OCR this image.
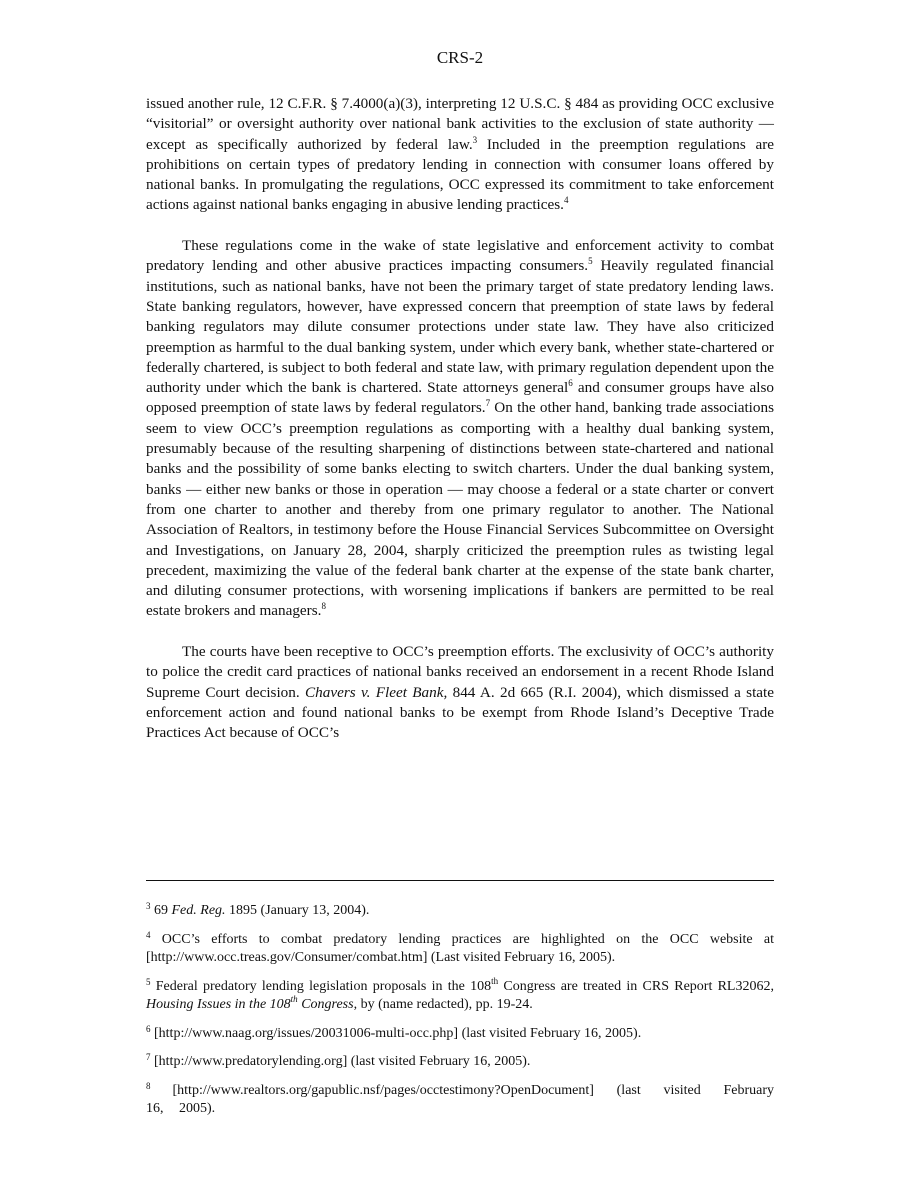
CRS-2

issued another rule, 12 C.F.R. § 7.4000(a)(3), interpreting 12 U.S.C. § 484 as providing OCC exclusive “visitorial” or oversight authority over national bank activities to the exclusion of state authority — except as specifically authorized by federal law.$^3$ Included in the preemption regulations are prohibitions on certain types of predatory lending in connection with consumer loans offered by national banks. In promulgating the regulations, OCC expressed its commitment to take enforcement actions against national banks engaging in abusive lending practices.$^4$

These regulations come in the wake of state legislative and enforcement activity to combat predatory lending and other abusive practices impacting consumers.$^5$ Heavily regulated financial institutions, such as national banks, have not been the primary target of state predatory lending laws. State banking regulators, however, have expressed concern that preemption of state laws by federal banking regulators may dilute consumer protections under state law. They have also criticized preemption as harmful to the dual banking system, under which every bank, whether state-chartered or federally chartered, is subject to both federal and state law, with primary regulation dependent upon the authority under which the bank is chartered. State attorneys general$^6$ and consumer groups have also opposed preemption of state laws by federal regulators.$^7$ On the other hand, banking trade associations seem to view OCC’s preemption regulations as comporting with a healthy dual banking system, presumably because of the resulting sharpening of distinctions between state-chartered and national banks and the possibility of some banks electing to switch charters. Under the dual banking system, banks — either new banks or those in operation — may choose a federal or a state charter or convert from one charter to another and thereby from one primary regulator to another. The National Association of Realtors, in testimony before the House Financial Services Subcommittee on Oversight and Investigations, on January 28, 2004, sharply criticized the preemption rules as twisting legal precedent, maximizing the value of the federal bank charter at the expense of the state bank charter, and diluting consumer protections, with worsening implications if bankers are permitted to be real estate brokers and managers.$^8$

The courts have been receptive to OCC’s preemption efforts. The exclusivity of OCC’s authority to police the credit card practices of national banks received an endorsement in a recent Rhode Island Supreme Court decision. Chavers v. Fleet Bank, 844 A. 2d 665 (R.I. 2004), which dismissed a state enforcement action and found national banks to be exempt from Rhode Island’s Deceptive Trade Practices Act because of OCC’s

$^3$ 69 Fed. Reg. 1895 (January 13, 2004).

$^4$ OCC’s efforts to combat predatory lending practices are highlighted on the OCC website at [http://www.occ.treas.gov/Consumer/combat.htm] (Last visited February 16, 2005).

$^5$ Federal predatory lending legislation proposals in the 108th Congress are treated in CRS Report RL32062, Housing Issues in the 108th Congress, by (name redacted), pp. 19-24.

$^6$ [http://www.naag.org/issues/20031006-multi-occ.php] (last visited February 16, 2005).

$^7$ [http://www.predatorylending.org] (last visited February 16, 2005).

$^8$ [http://www.realtors.org/gapublic.nsf/pages/occtestimony?OpenDocument] (last visited February 16, 2005).
